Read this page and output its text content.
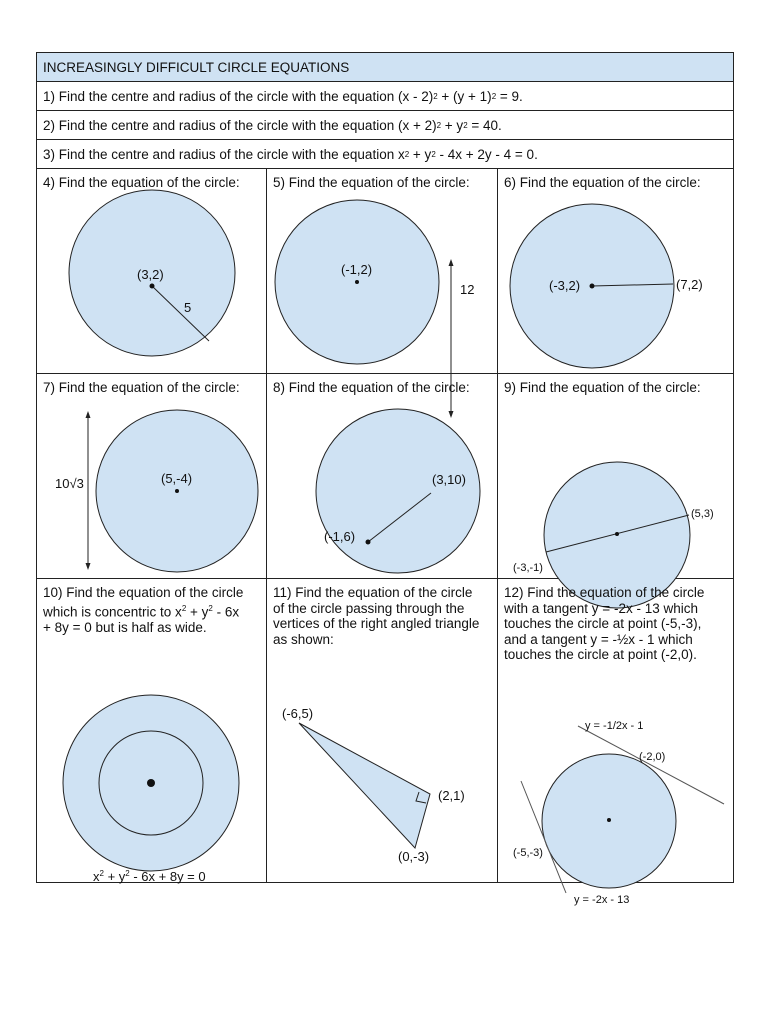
INCREASINGLY DIFFICULT CIRCLE EQUATIONS
1) Find the centre and radius of the circle with the equation (x - 2) 2 + (y + 1) 2 = 9.
2) Find the centre and radius of the circle with the equation (x + 2) 2 + y 2 = 40.
3) Find the centre and radius of the circle with the equation x 2 + y 2 - 4x + 2y - 4 = 0.
4) Find the equation of the circle:
(3,2)
5
5) Find the equation of the circle:
(-1,2)
12
6) Find the equation of the circle:
(-3,2)	(7,2)
7) Find the equation of the circle:
(5,-4)
10√3
8) Find the equation of the circle:
(-1,6)
(3,10)
9) Find the equation of the circle:
(5,3)
(-3,-1)
10) Find the equation of the circle
which is concentric to $x^2 + y^2 - 6x$
+ 8y = 0 but is half as wide.
$x^2 + y^2 - 6x + 8y = 0$
11) Find the equation of the circle
of the circle passing through the
vertices of the right angled triangle
as shown:
(-6,5)
(2,1)
(0,-3)
12) Find the equation of the circle
with a tangent y = -2x - 13 which
touches the circle at point (-5,-3),
and a tangent y = -½x - 1 which
touches the circle at point (-2,0).
y = -1/2x - 1
(-2,0)
(-5,-3)
y = -2x - 13
